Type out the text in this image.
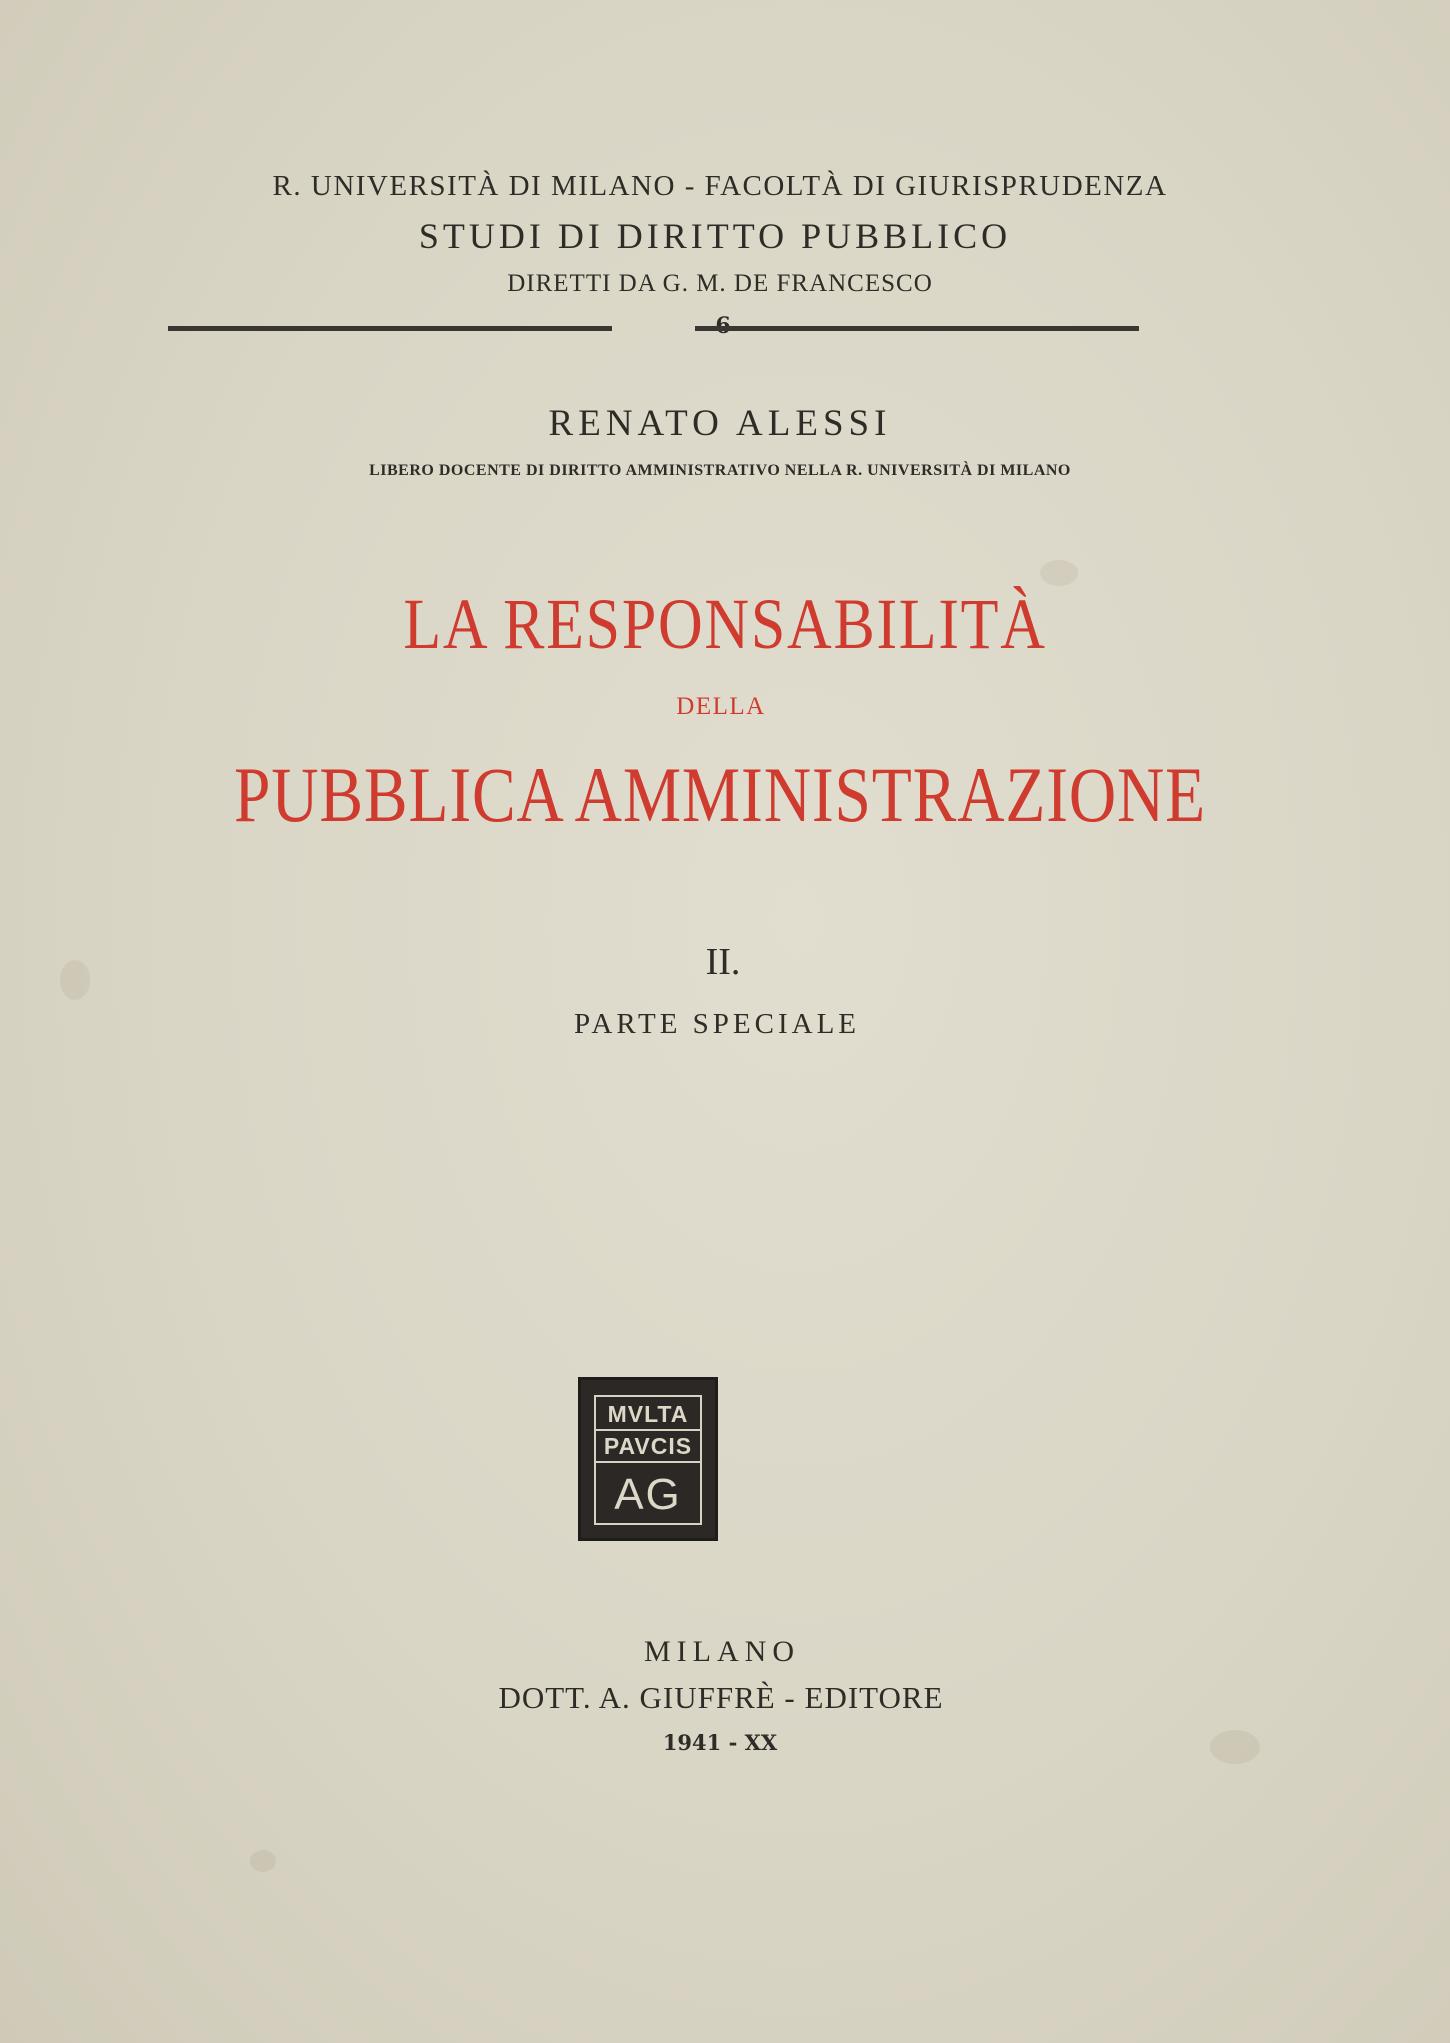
R. UNIVERSITÀ DI MILANO - FACOLTÀ DI GIURISPRUDENZA
STUDI DI DIRITTO PUBBLICO
DIRETTI DA G. M. DE FRANCESCO
RENATO ALESSI
LIBERO DOCENTE DI DIRITTO AMMINISTRATIVO NELLA R. UNIVERSITÀ DI MILANO
LA RESPONSABILITÀ
DELLA
PUBBLICA AMMINISTRAZIONE
II.
PARTE SPECIALE
MVLTA
PAVCIS
AG
MILANO
DOTT. A. GIUFFRÈ - EDITORE
1941 - XX
